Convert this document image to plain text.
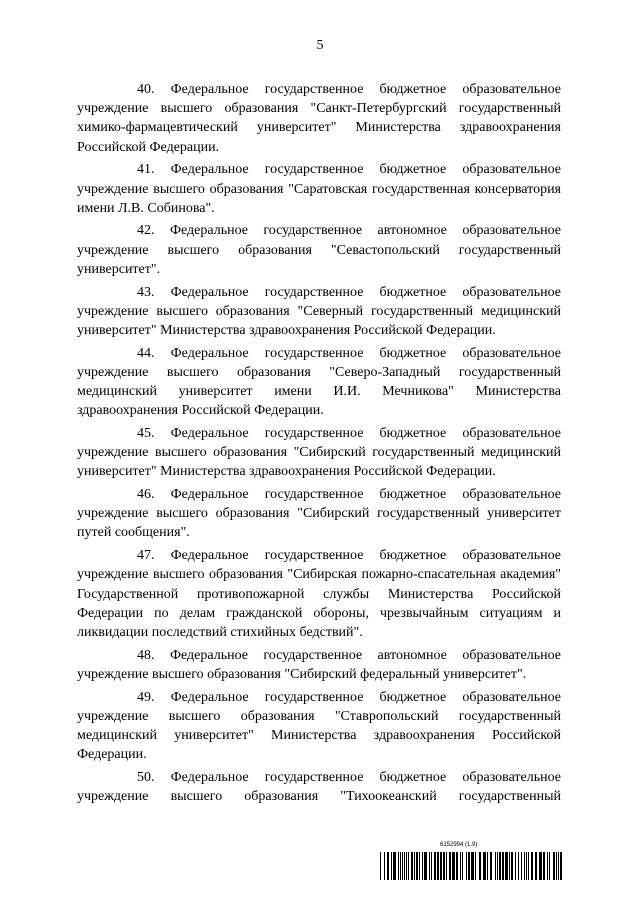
5

40. Федеральное государственное бюджетное образовательное учреждение высшего образования "Санкт-Петербургский государственный химико-фармацевтический университет" Министерства здравоохранения Российской Федерации.

41. Федеральное государственное бюджетное образовательное учреждение высшего образования "Саратовская государственная консерватория имени Л.В. Собинова".

42. Федеральное государственное автономное образовательное учреждение высшего образования "Севастопольский государственный университет".

43. Федеральное государственное бюджетное образовательное учреждение высшего образования "Северный государственный медицинский университет" Министерства здравоохранения Российской Федерации.

44. Федеральное государственное бюджетное образовательное учреждение высшего образования "Северо-Западный государственный медицинский университет имени И.И. Мечникова" Министерства здравоохранения Российской Федерации.

45. Федеральное государственное бюджетное образовательное учреждение высшего образования "Сибирский государственный медицинский университет" Министерства здравоохранения Российской Федерации.

46. Федеральное государственное бюджетное образовательное учреждение высшего образования "Сибирский государственный университет путей сообщения".

47. Федеральное государственное бюджетное образовательное учреждение высшего образования "Сибирская пожарно-спасательная академия" Государственной противопожарной службы Министерства Российской Федерации по делам гражданской обороны, чрезвычайным ситуациям и ликвидации последствий стихийных бедствий".

48. Федеральное государственное автономное образовательное учреждение высшего образования "Сибирский федеральный университет".

49. Федеральное государственное бюджетное образовательное учреждение высшего образования "Ставропольский государственный медицинский университет" Министерства здравоохранения Российской Федерации.

50. Федеральное государственное бюджетное образовательное учреждение высшего образования "Тихоокеанский государственный

6152994 (1.9)
